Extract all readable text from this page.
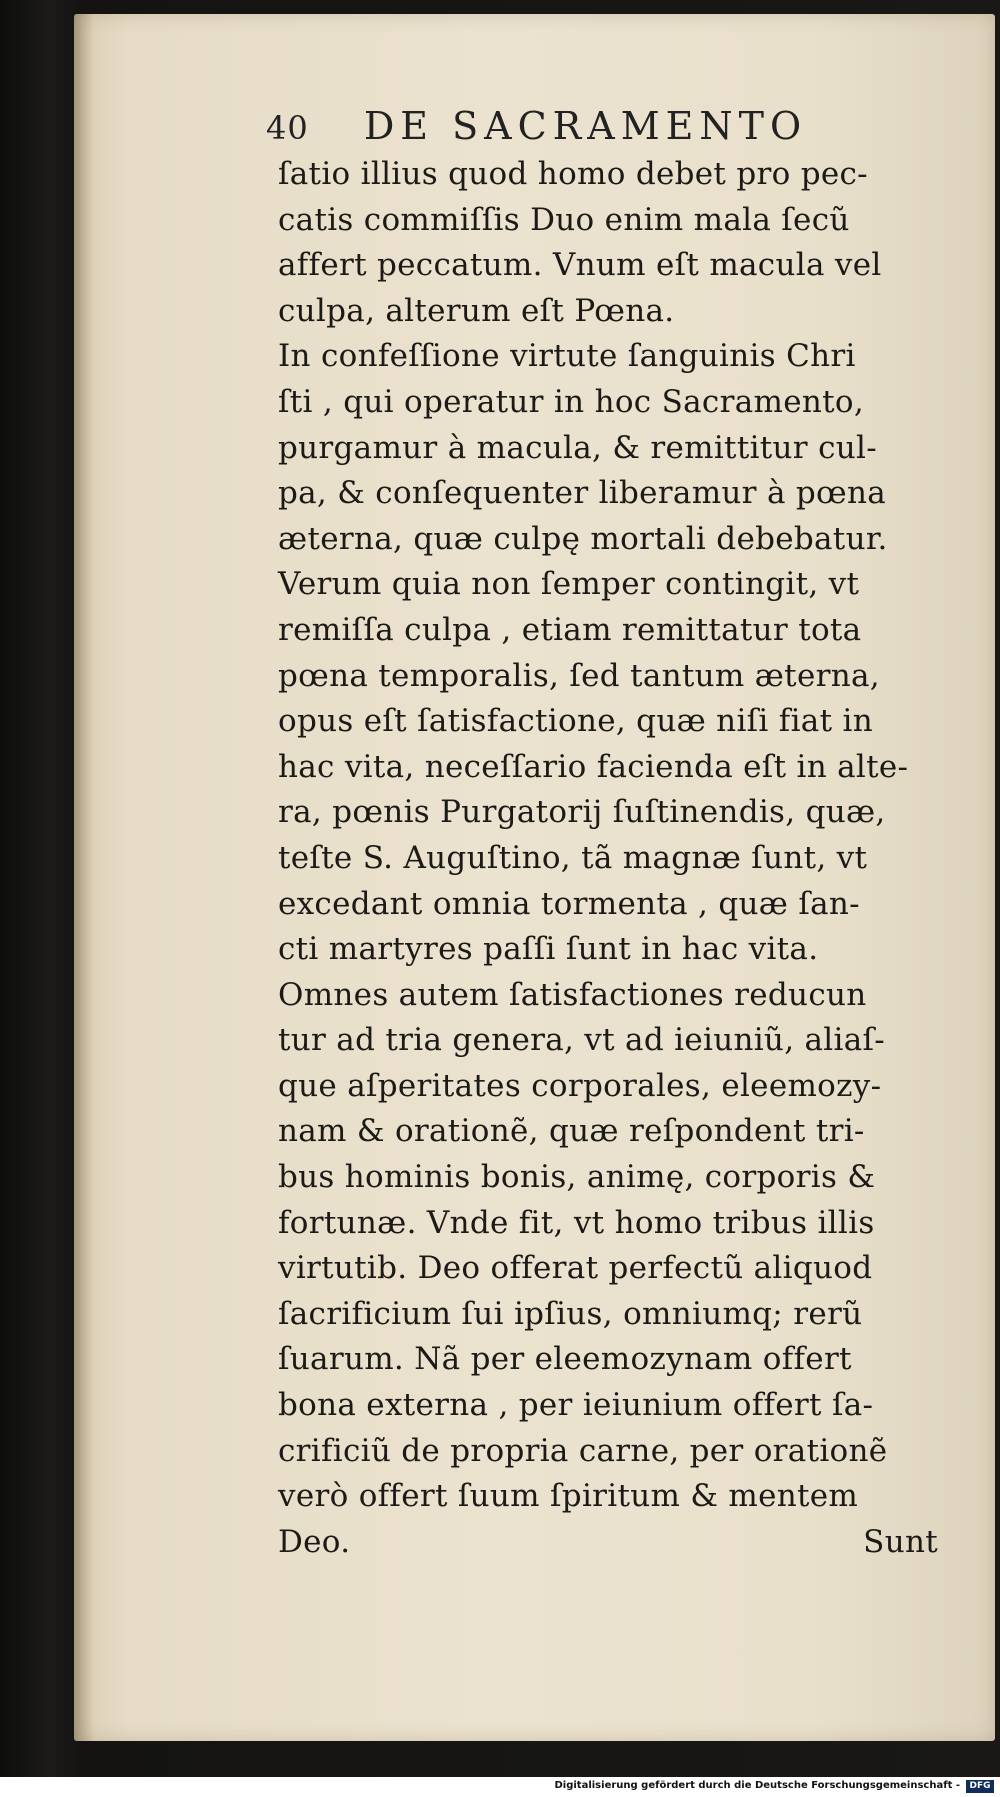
40 DE SACRAMENTO
ſatio illius quod homo debet pro pec-
catis commiſſis Duo enim mala ſecũ
affert peccatum. Vnum eſt macula vel
culpa, alterum eſt Pœna.
In confeſſione virtute ſanguinis Chri
ſti , qui operatur in hoc Sacramento,
purgamur à macula, & remittitur cul-
pa, & conſequenter liberamur à pœna
æterna, quæ culpę mortali debebatur.
Verum quia non ſemper contingit, vt
remiſſa culpa , etiam remittatur tota
pœna temporalis, ſed tantum æterna,
opus eſt ſatisfactione, quæ niſi fiat in
hac vita, neceſſario facienda eſt in alte-
ra, pœnis Purgatorij ſuſtinendis, quæ,
teſte S. Auguſtino, tã magnæ ſunt, vt
excedant omnia tormenta , quæ ſan-
cti martyres paſſi ſunt in hac vita.
Omnes autem ſatisfactiones reducun
tur ad tria genera, vt ad ieiuniũ, aliaſ-
que aſperitates corporales, eleemozy-
nam & orationẽ, quæ reſpondent tri-
bus hominis bonis, animę, corporis &
fortunæ. Vnde fit, vt homo tribus illis
virtutib. Deo offerat perfectũ aliquod
ſacrificium ſui ipſius, omniumq; rerũ
ſuarum. Nã per eleemozynam offert
bona externa , per ieiunium offert ſa-
crificiũ de propria carne, per orationẽ
verò offert ſuum ſpiritum & mentem
Deo.	Sunt
Digitalisierung gefördert durch die Deutsche Forschungsgemeinschaft -	DFG
